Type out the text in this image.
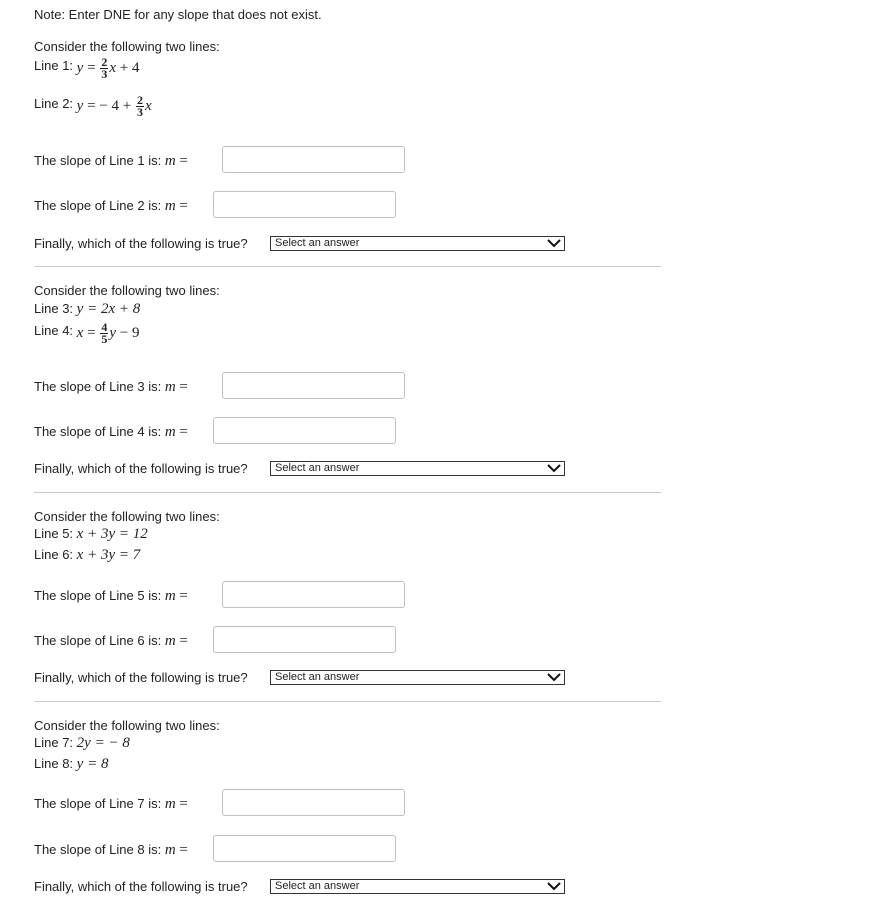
Note: Enter DNE for any slope that does not exist.
Consider the following two lines:
Line 1: $y = \frac{2}{3}$ x + 4
Line 2: y = − $4 + \frac{2}{3}$ x
The slope of Line 1 is: m =
The slope of Line 2 is: m =
Finally, which of the following is true?	Select an answer
Consider the following two lines:
Line 3: y = 2x + 8
Line 4: $x = \frac{4}{5}$ y − 9
The slope of Line 3 is: m =
The slope of Line 4 is: m =
Finally, which of the following is true?	Select an answer
Consider the following two lines:
Line 5: x + 3y = 12
Line 6: x + 3y = 7
The slope of Line 5 is: m =
The slope of Line 6 is: m =
Finally, which of the following is true?	Select an answer
Consider the following two lines:
Line 7: 2y = − 8
Line 8: y = 8
The slope of Line 7 is: m =
The slope of Line 8 is: m =
Finally, which of the following is true?	Select an answer
